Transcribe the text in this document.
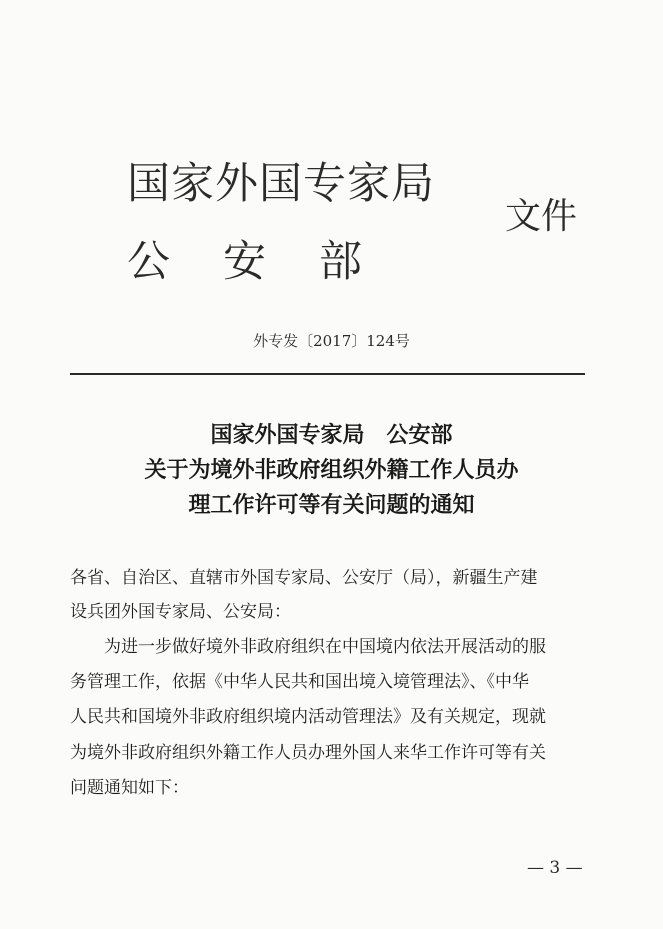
国家外国专家局
公安部
文件
外专发〔2017〕124号
国家外国专家局　公安部
关于为境外非政府组织外籍工作人员办
理工作许可等有关问题的通知
各省、自治区、直辖市外国专家局、公安厅（局），新疆生产建
设兵团外国专家局、公安局：
为进一步做好境外非政府组织在中国境内依法开展活动的服
务管理工作，依据《中华人民共和国出境入境管理法》、《中华
人民共和国境外非政府组织境内活动管理法》及有关规定，现就
为境外非政府组织外籍工作人员办理外国人来华工作许可等有关
问题通知如下：
— 3 —
